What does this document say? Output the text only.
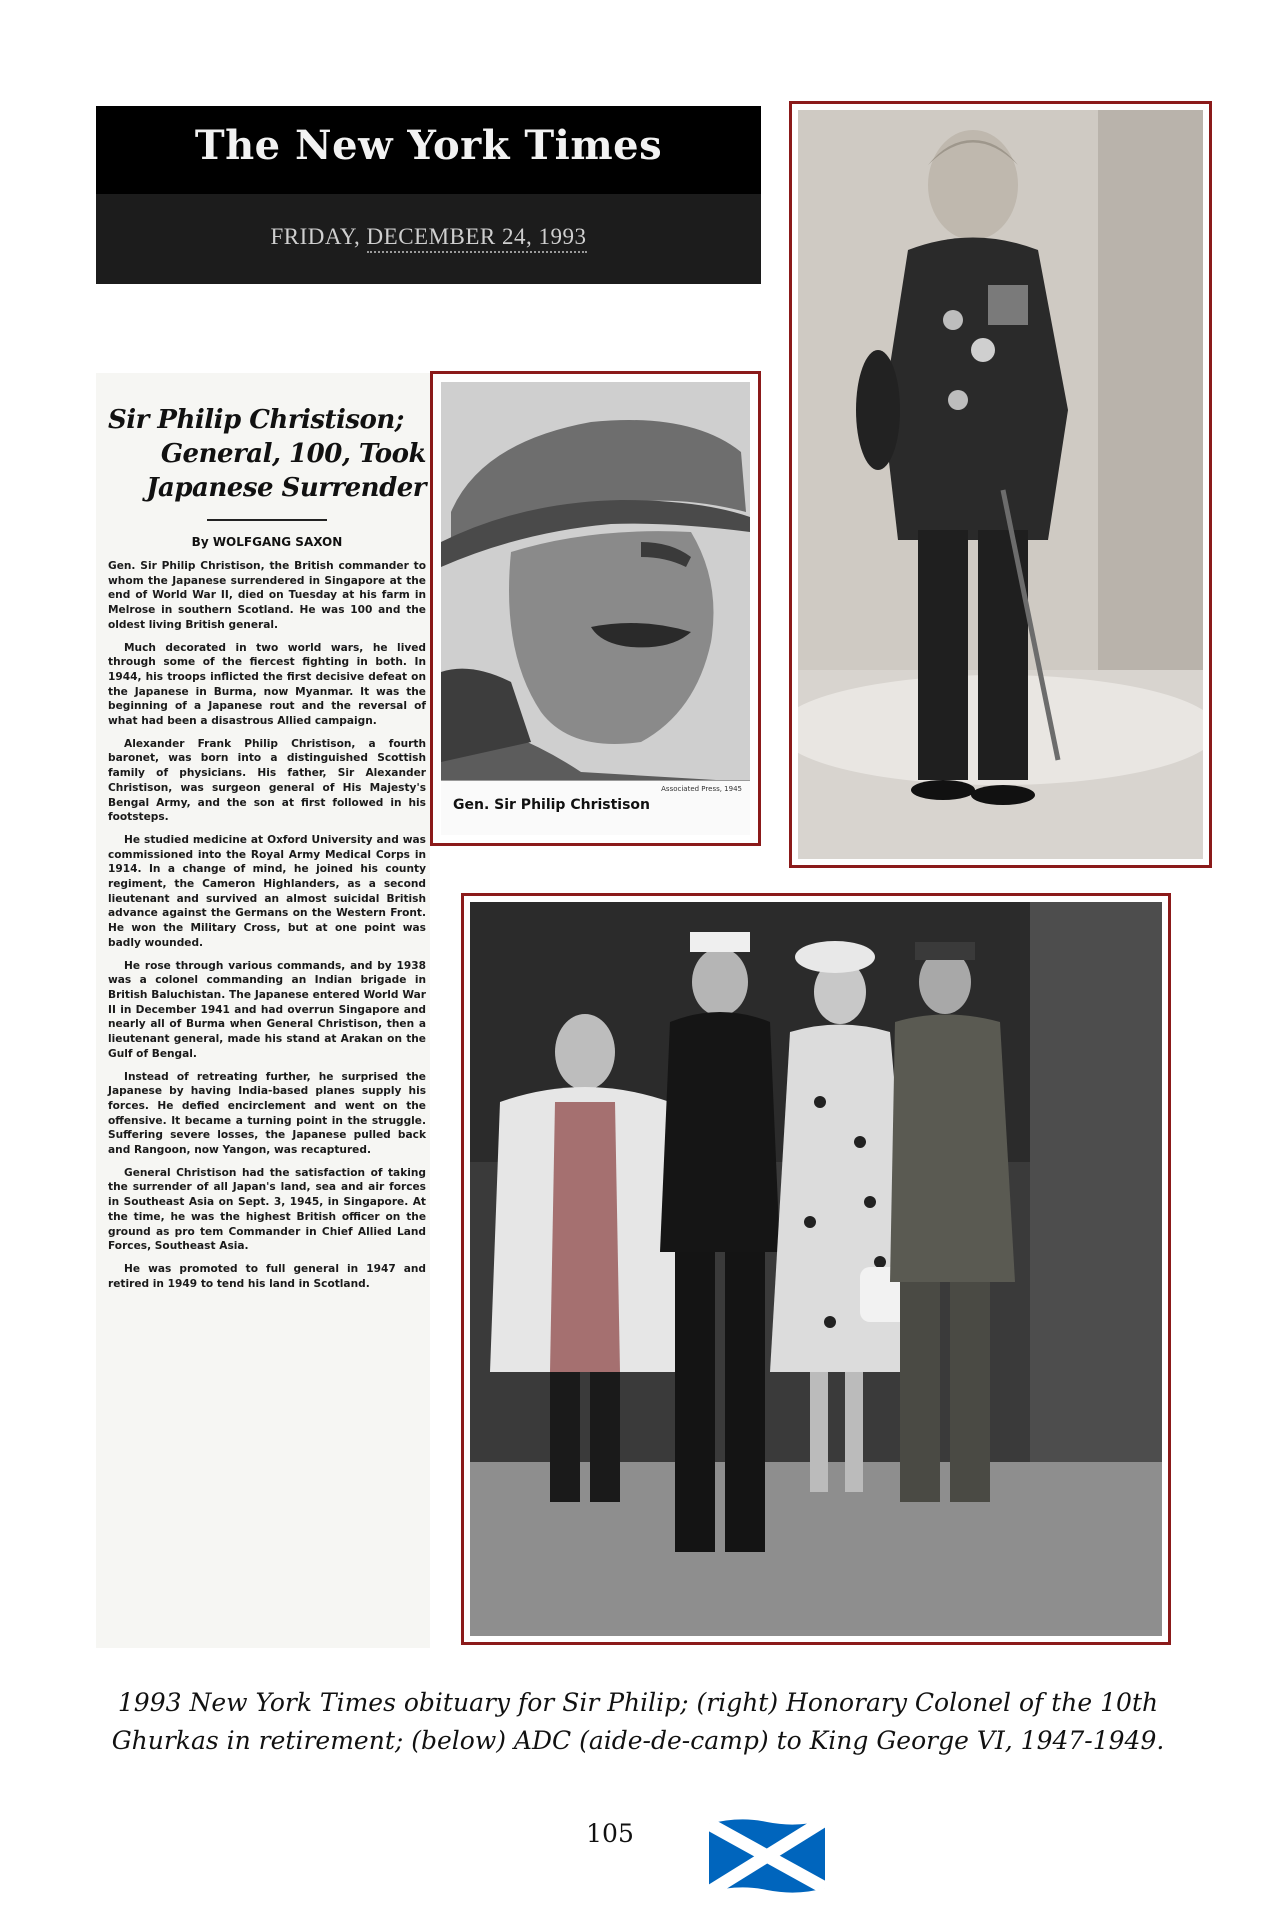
The New York Times
FRIDAY, DECEMBER 24, 1993
Sir Philip Christison;
General, 100, Took
Japanese Surrender
By WOLFGANG SAXON

Gen. Sir Philip Christison, the British commander to whom the Japanese surrendered in Singapore at the end of World War II, died on Tuesday at his farm in Melrose in southern Scotland. He was 100 and the oldest living British general.

Much decorated in two world wars, he lived through some of the fiercest fighting in both. In 1944, his troops inflicted the first decisive defeat on the Japanese in Burma, now Myanmar. It was the beginning of a Japanese rout and the reversal of what had been a disastrous Allied campaign.

Alexander Frank Philip Christison, a fourth baronet, was born into a distinguished Scottish family of physicians. His father, Sir Alexander Christison, was surgeon general of His Majesty's Bengal Army, and the son at first followed in his footsteps.

He studied medicine at Oxford University and was commissioned into the Royal Army Medical Corps in 1914. In a change of mind, he joined his county regiment, the Cameron Highlanders, as a second lieutenant and survived an almost suicidal British advance against the Germans on the Western Front. He won the Military Cross, but at one point was badly wounded.

He rose through various commands, and by 1938 was a colonel commanding an Indian brigade in British Baluchistan. The Japanese entered World War II in December 1941 and had overrun Singapore and nearly all of Burma when General Christison, then a lieutenant general, made his stand at Arakan on the Gulf of Bengal.

Instead of retreating further, he surprised the Japanese by having India-based planes supply his forces. He defied encirclement and went on the offensive. It became a turning point in the struggle. Suffering severe losses, the Japanese pulled back and Rangoon, now Yangon, was recaptured.

General Christison had the satisfaction of taking the surrender of all Japan's land, sea and air forces in Southeast Asia on Sept. 3, 1945, in Singapore. At the time, he was the highest British officer on the ground as pro tem Commander in Chief Allied Land Forces, Southeast Asia.

He was promoted to full general in 1947 and retired in 1949 to tend his land in Scotland.

Associated Press, 1945
Gen. Sir Philip Christison
1993 New York Times obituary for Sir Philip; (right) Honorary Colonel of the 10th
Ghurkas in retirement; (below) ADC (aide-de-camp) to King George VI, 1947-1949.
105
